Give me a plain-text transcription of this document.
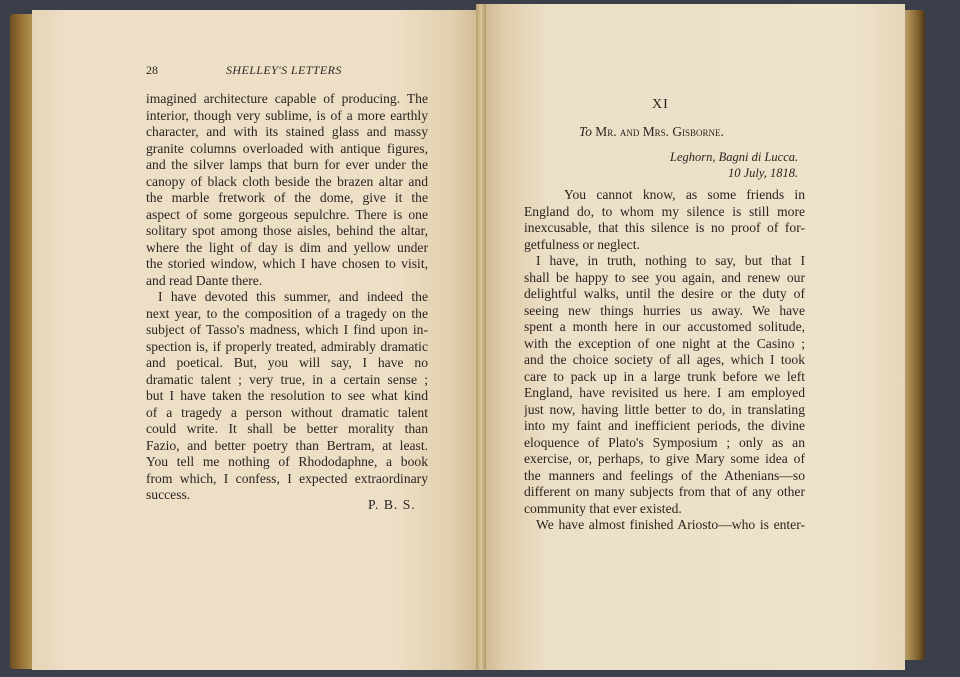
28	SHELLEY'S LETTERS
imagined architecture capable of producing. The
interior, though very sublime, is of a more earthly
character, and with its stained glass and massy
granite columns overloaded with antique figures,
and the silver lamps that burn for ever under the
canopy of black cloth beside the brazen altar and
the marble fretwork of the dome, give it the
aspect of some gorgeous sepulchre. There is one
solitary spot among those aisles, behind the altar,
where the light of day is dim and yellow under
the storied window, which I have chosen to visit,
and read Dante there.
I have devoted this summer, and indeed the
next year, to the composition of a tragedy on the
subject of Tasso's madness, which I find upon in-
spection is, if properly treated, admirably dramatic
and poetical. But, you will say, I have no
dramatic talent ; very true, in a certain sense ;
but I have taken the resolution to see what kind
of a tragedy a person without dramatic talent
could write. It shall be better morality than
Fazio, and better poetry than Bertram, at least.
You tell me nothing of Rhododaphne, a book
from which, I confess, I expected extraordinary
success.
P. B. S.
XI
To Mr. and Mrs. Gisborne.
Leghorn, Bagni di Lucca.
10 July, 1818.
You cannot know, as some friends in
England do, to whom my silence is still more
inexcusable, that this silence is no proof of for-
getfulness or neglect.
I have, in truth, nothing to say, but that I
shall be happy to see you again, and renew our
delightful walks, until the desire or the duty of
seeing new things hurries us away. We have
spent a month here in our accustomed solitude,
with the exception of one night at the Casino ;
and the choice society of all ages, which I took
care to pack up in a large trunk before we left
England, have revisited us here. I am employed
just now, having little better to do, in translating
into my faint and inefficient periods, the divine
eloquence of Plato's Symposium ; only as an
exercise, or, perhaps, to give Mary some idea of
the manners and feelings of the Athenians—so
different on many subjects from that of any other
community that ever existed.
We have almost finished Ariosto—who is enter-
